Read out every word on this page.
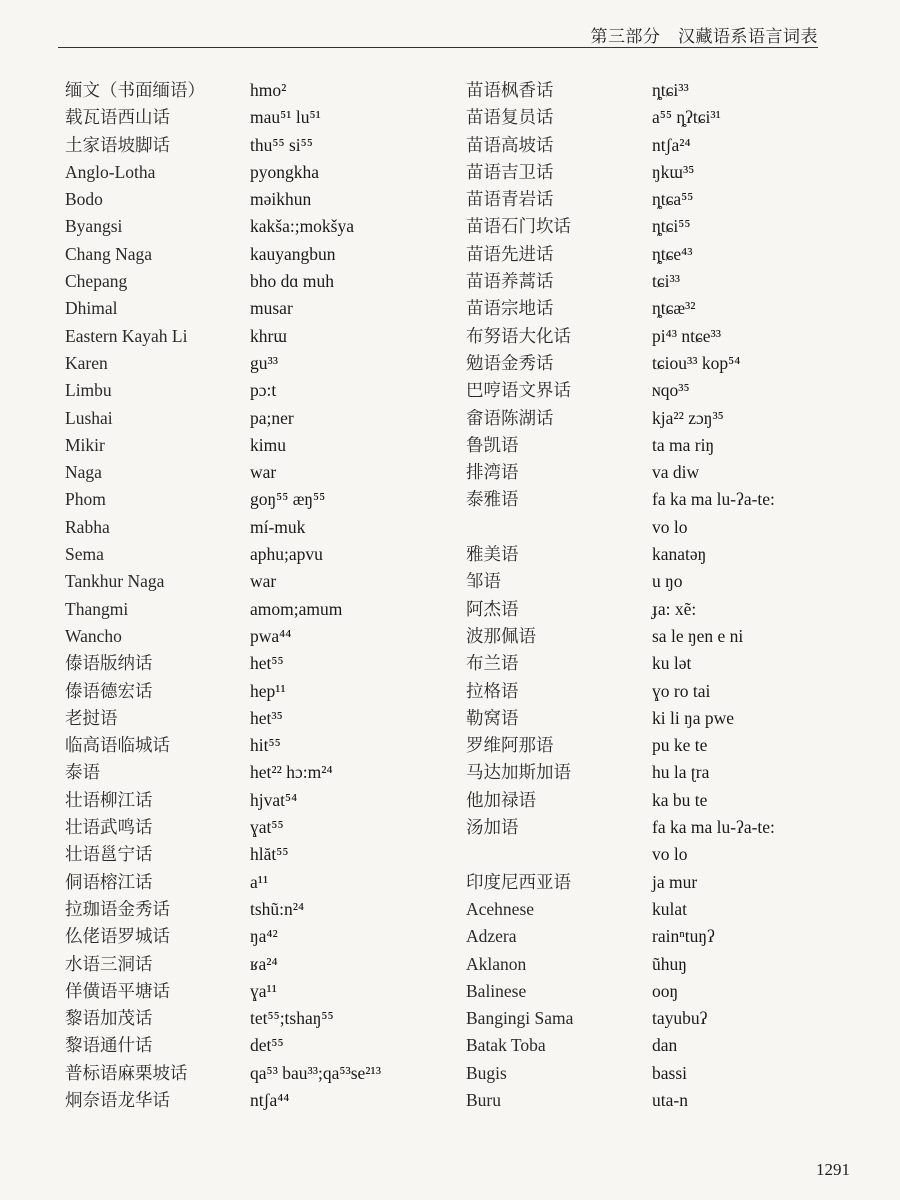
第三部分　汉藏语系语言词表
缅文（书面缅语）
载瓦语西山话
土家语坡脚话
Anglo-Lotha
Bodo
Byangsi
Chang Naga
Chepang
Dhimal
Eastern Kayah Li
Karen
Limbu
Lushai
Mikir
Naga
Phom
Rabha
Sema
Tankhur Naga
Thangmi
Wancho
傣语版纳话
傣语德宏话
老挝语
临高语临城话
泰语
壮语柳江话
壮语武鸣话
壮语邕宁话
侗语榕江话
拉珈语金秀话
仫佬语罗城话
水语三洞话
佯僙语平塘话
黎语加茂话
黎语通什话
普标语麻栗坡话
炯奈语龙华话
hmo²
mau⁵¹ lu⁵¹
thu⁵⁵ si⁵⁵
pyongkha
məikhun
kakša:;mokšya
kauyangbun
bho dɑ muh
musar
khrɯ
gu³³
pɔ:t
pa;ner
kimu
war
goŋ⁵⁵ æŋ⁵⁵
mí-muk
aphu;apvu
war
amom;amum
pwa⁴⁴
het⁵⁵
hep¹¹
het³⁵
hit⁵⁵
het²² hɔ:m²⁴
hjvat⁵⁴
ɣat⁵⁵
hlăt⁵⁵
a¹¹
tshũ:n²⁴
ŋa⁴²
ʁa²⁴
ɣa¹¹
tet⁵⁵;tshaŋ⁵⁵
det⁵⁵
qa⁵³ bau³³;qa⁵³se²¹³
ntʃa⁴⁴
苗语枫香话
苗语复员话
苗语高坡话
苗语吉卫话
苗语青岩话
苗语石门坎话
苗语先进话
苗语养蒿话
苗语宗地话
布努语大化话
勉语金秀话
巴哼语文界话
畲语陈湖话
鲁凯语
排湾语
泰雅语
雅美语
邹语
阿杰语
波那佩语
布兰语
拉格语
勒窝语
罗维阿那语
马达加斯加语
他加禄语
汤加语
印度尼西亚语
Acehnese
Adzera
Aklanon
Balinese
Bangingi Sama
Batak Toba
Bugis
Buru
ȵtɕi³³
a⁵⁵ ȵʔtɕi³¹
ntʃa²⁴
ŋkɯ³⁵
ȵtɕa⁵⁵
ȵtɕi⁵⁵
ȵtɕe⁴³
tɕi³³
ȵtɕæ³²
pi⁴³ ntɕe³³
tɕiou³³ kop⁵⁴
ɴqo³⁵
kja²² zɔŋ³⁵
ta ma riŋ
va diw
fa ka ma lu-ʔa-te:
vo lo
kanatəŋ
u ŋo
ɟa: xẽ:
sa le ŋen e ni
ku lət
ɣo ro tai
ki li ŋa pwe
pu ke te
hu la ʈra
ka bu te
fa ka ma lu-ʔa-te:
vo lo
ja mur
kulat
rainⁿtuŋʔ
ũhuŋ
ooŋ
tayubuʔ
dan
bassi
uta-n
1291
